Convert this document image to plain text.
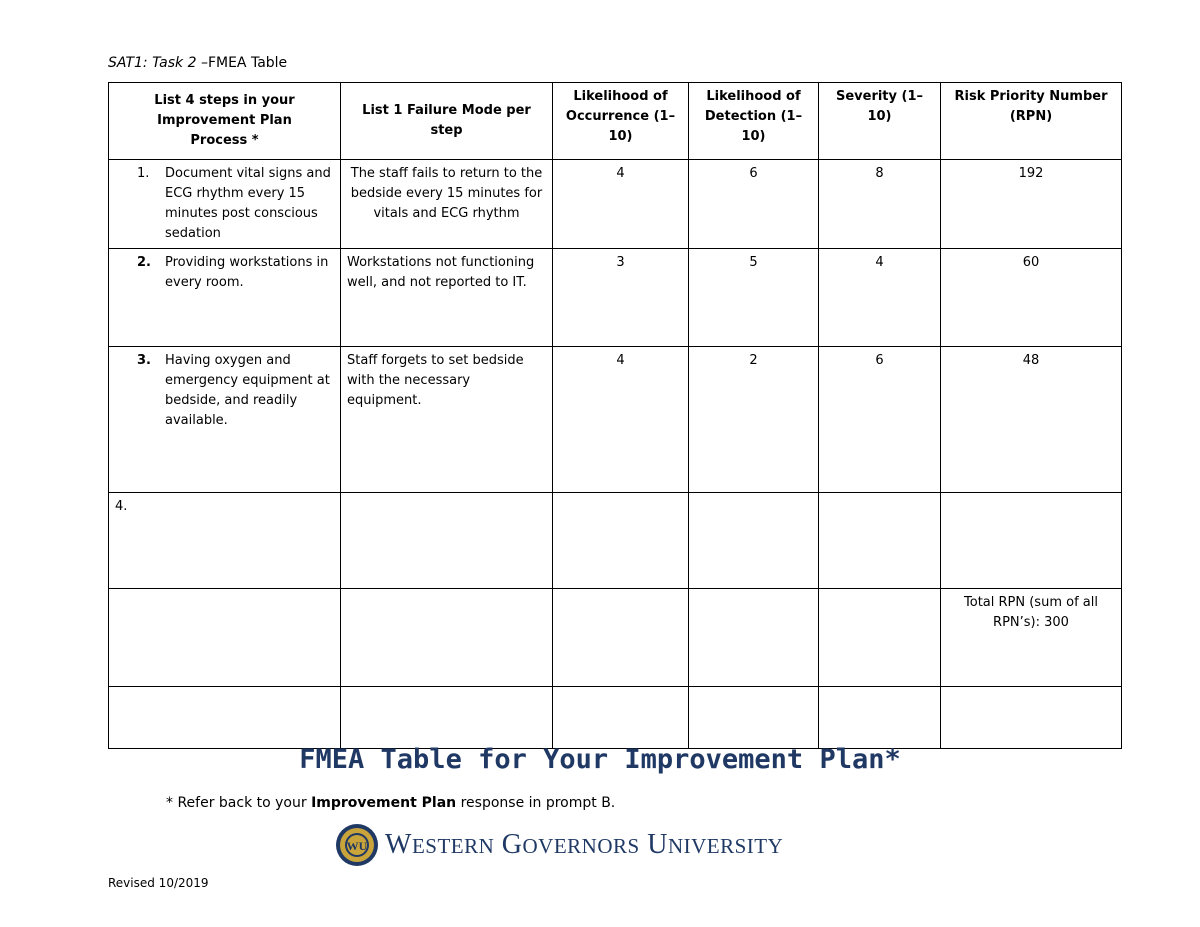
SAT1: Task 2 –FMEA Table
List 4 steps in your Improvement Plan Process *	List 1 Failure Mode per step	Likelihood of Occurrence (1–10)	Likelihood of Detection (1–10)	Severity (1–10)	Risk Priority Number (RPN)

1. Document vital signs and ECG rhythm every 15 minutes post conscious sedation	The staff fails to return to the bedside every 15 minutes for vitals and ECG rhythm	4	6	8	192

2. Providing workstations in every room.	Workstations not functioning well, and not reported to IT.	3	5	4	60

3. Having oxygen and emergency equipment at bedside, and readily available.	Staff forgets to set bedside with the necessary equipment.	4	2	6	48
4.					
					Total RPN (sum of all RPN’s): 300

FMEA Table for Your Improvement Plan*
* Refer back to your Improvement Plan response in prompt B.
WU WESTERN GOVERNORS UNIVERSITY
Revised 10/2019
